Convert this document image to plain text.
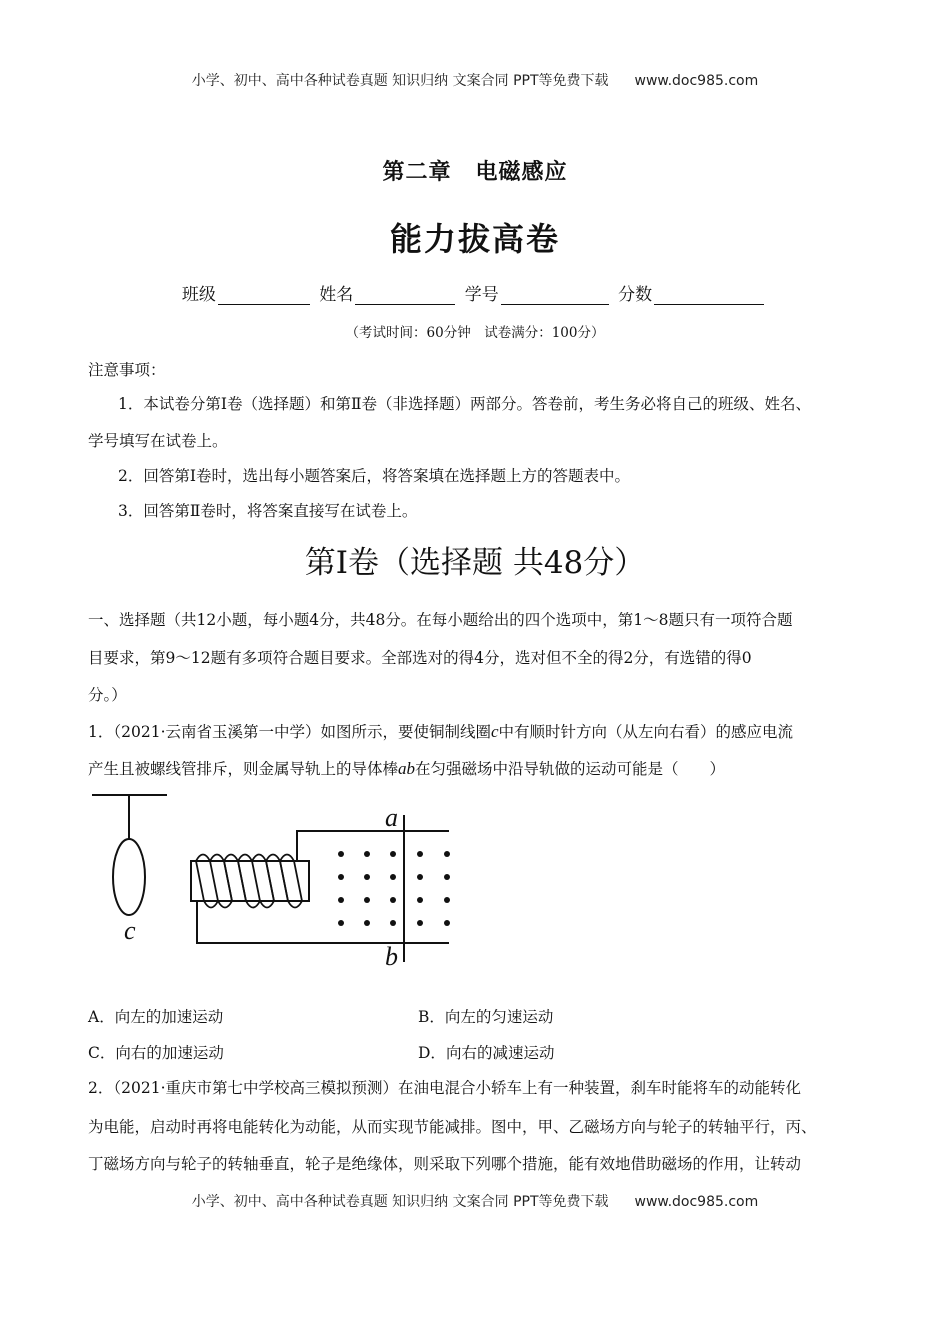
小学、初中、高中各种试卷真题 知识归纳 文案合同 PPT等免费下载 www.doc985.com
第二章 电磁感应
能力拔高卷
班级	姓名	学号	分数
（考试时间：60分钟　试卷满分：100分）
注意事项：
1．本试卷分第Ⅰ卷（选择题）和第Ⅱ卷（非选择题）两部分。答卷前，考生务必将自己的班级、姓名、
学号填写在试卷上。
2．回答第Ⅰ卷时，选出每小题答案后，将答案填在选择题上方的答题表中。
3．回答第Ⅱ卷时，将答案直接写在试卷上。
第Ⅰ卷（选择题 共48分）
一、选择题（共12小题，每小题4分，共48分。在每小题给出的四个选项中，第1～8题只有一项符合题
目要求，第9～12题有多项符合题目要求。全部选对的得4分，选对但不全的得2分，有选错的得0
分。）
1．（2021·云南省玉溪第一中学）如图所示，要使铜制线圈c中有顺时针方向（从左向右看）的感应电流
产生且被螺线管排斥，则金属导轨上的导体棒ab在匀强磁场中沿导轨做的运动可能是（　　）
c
a
b
A．向左的加速运动	B．向左的匀速运动
C．向右的加速运动	D．向右的减速运动
2．（2021·重庆市第七中学校高三模拟预测）在油电混合小轿车上有一种装置，刹车时能将车的动能转化
为电能，启动时再将电能转化为动能，从而实现节能减排。图中，甲、乙磁场方向与轮子的转轴平行，丙、
丁磁场方向与轮子的转轴垂直，轮子是绝缘体，则采取下列哪个措施，能有效地借助磁场的作用，让转动
小学、初中、高中各种试卷真题 知识归纳 文案合同 PPT等免费下载 www.doc985.com
